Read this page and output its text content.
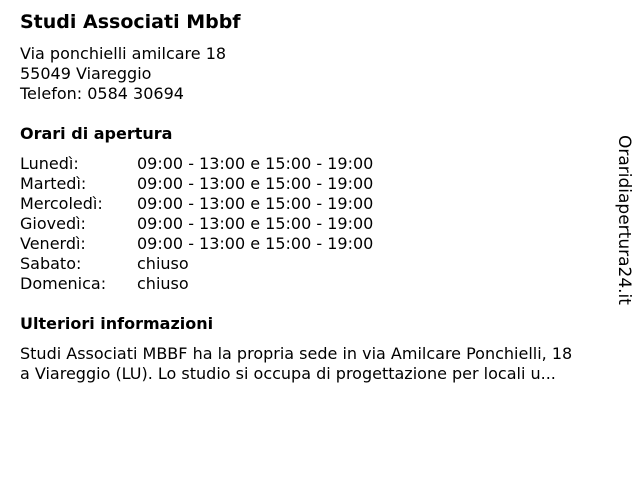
Studi Associati Mbbf
Via ponchielli amilcare 18
55049 Viareggio
Telefon: 0584 30694
Orari di apertura
Lunedì:	09:00 - 13:00 e 15:00 - 19:00
Martedì:	09:00 - 13:00 e 15:00 - 19:00
Mercoledì: 09:00 - 13:00 e 15:00 - 19:00
Giovedì:	09:00 - 13:00 e 15:00 - 19:00
Venerdì:	09:00 - 13:00 e 15:00 - 19:00
Sabato:	chiuso
Domenica: chiuso
Ulteriori informazioni
Studi Associati MBBF ha la propria sede in via Amilcare Ponchielli, 18
a Viareggio (LU). Lo studio si occupa di progettazione per locali u...
Oraridiapertura24.it
